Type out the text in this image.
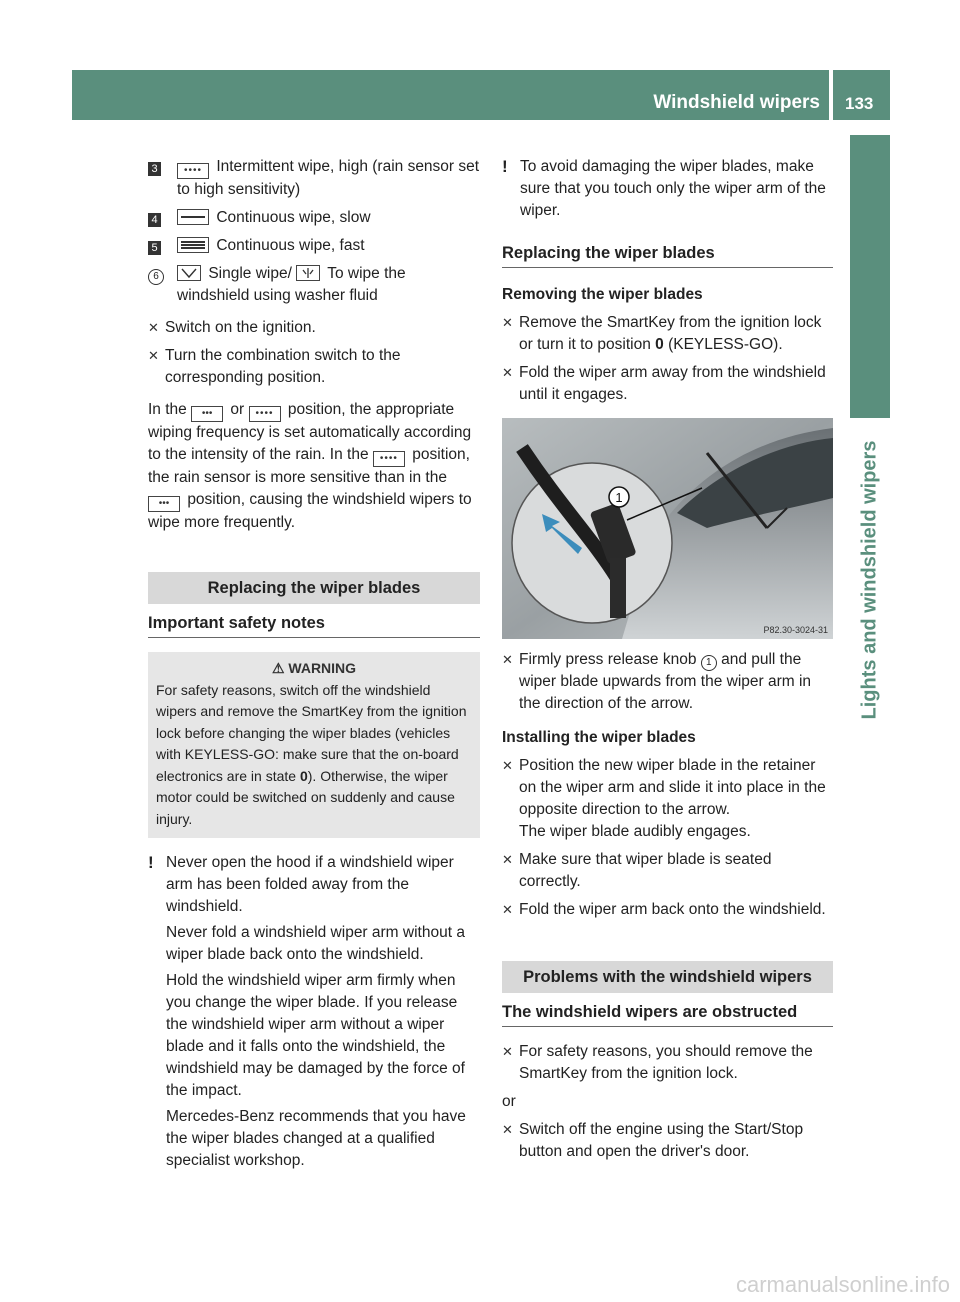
Windshield wipers 133
Lights and windshield wipers
3	•••• Intermittent wipe, high (rain sensor set to high sensitivity)
4	Continuous wipe, slow
5	Continuous wipe, fast
6	Single wipe/ To wipe the windshield using washer fluid
✕ Switch on the ignition.
✕ Turn the combination switch to the corresponding position.

In the ••• or •••• position, the appropriate wiping frequency is set automatically according to the intensity of the rain. In the •••• position, the rain sensor is more sensitive than in the ••• position, causing the windshield wipers to wipe more frequently.

Replacing the wiper blades
Important safety notes
⚠ WARNING
For safety reasons, switch off the windshield wipers and remove the SmartKey from the ignition lock before changing the wiper blades (vehicles with KEYLESS-GO: make sure that the on-board electronics are in state 0). Otherwise, the wiper motor could be switched on suddenly and cause injury.
! Never open the hood if a windshield wiper arm has been folded away from the windshield.

Never fold a windshield wiper arm without a wiper blade back onto the windshield.

Hold the windshield wiper arm firmly when you change the wiper blade. If you release the windshield wiper arm without a wiper blade and it falls onto the windshield, the windshield may be damaged by the force of the impact.

Mercedes-Benz recommends that you have the wiper blades changed at a qualified specialist workshop.

! To avoid damaging the wiper blades, make sure that you touch only the wiper arm of the wiper.

Replacing the wiper blades
Removing the wiper blades
✕ Remove the SmartKey from the ignition lock or turn it to position 0 (KEYLESS-GO).
✕ Fold the wiper arm away from the windshield until it engages.
1
P82.30-3024-31
✕ Firmly press release knob 1 and pull the wiper blade upwards from the wiper arm in the direction of the arrow.
Installing the wiper blades
✕ Position the new wiper blade in the retainer on the wiper arm and slide it into place in the opposite direction to the arrow.
The wiper blade audibly engages.
✕ Make sure that wiper blade is seated correctly.
✕ Fold the wiper arm back onto the windshield.
Problems with the windshield wipers
The windshield wipers are obstructed
✕ For safety reasons, you should remove the SmartKey from the ignition lock.

or

✕ Switch off the engine using the Start/Stop button and open the driver's door.
carmanualsonline.info
